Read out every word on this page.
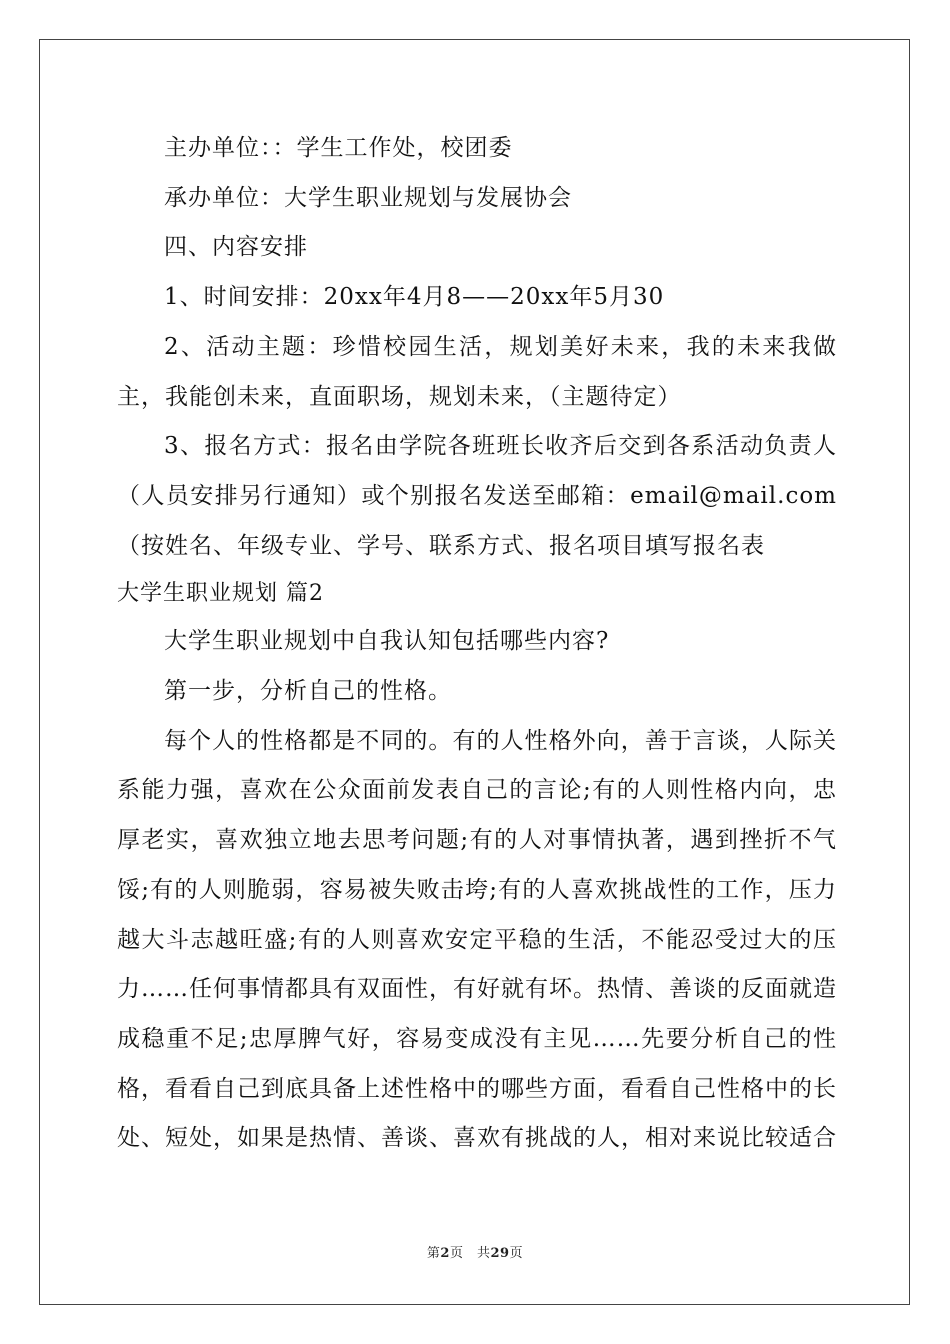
主办单位：：学生工作处，校团委

承办单位：大学生职业规划与发展协会

四、内容安排

1、时间安排：20xx年4月8——20xx年5月30

2、活动主题：珍惜校园生活，规划美好未来，我的未来我做主，我能创未来，直面职场，规划未来，（主题待定）

3、报名方式：报名由学院各班班长收齐后交到各系活动负责人（人员安排另行通知）或个别报名发送至邮箱：email@mail.com（按姓名、年级专业、学号、联系方式、报名项目填写报名表

大学生职业规划 篇2

大学生职业规划中自我认知包括哪些内容?

第一步，分析自己的性格。

每个人的性格都是不同的。有的人性格外向，善于言谈，人际关系能力强，喜欢在公众面前发表自己的言论;有的人则性格内向，忠厚老实，喜欢独立地去思考问题;有的人对事情执著，遇到挫折不气馁;有的人则脆弱，容易被失败击垮;有的人喜欢挑战性的工作，压力越大斗志越旺盛;有的人则喜欢安定平稳的生活，不能忍受过大的压力……任何事情都具有双面性，有好就有坏。热情、善谈的反面就造成稳重不足;忠厚脾气好，容易变成没有主见……先要分析自己的性格，看看自己到底具备上述性格中的哪些方面，看看自己性格中的长处、短处，如果是热情、善谈、喜欢有挑战的人，相对来说比较适合

第2页　共29页
